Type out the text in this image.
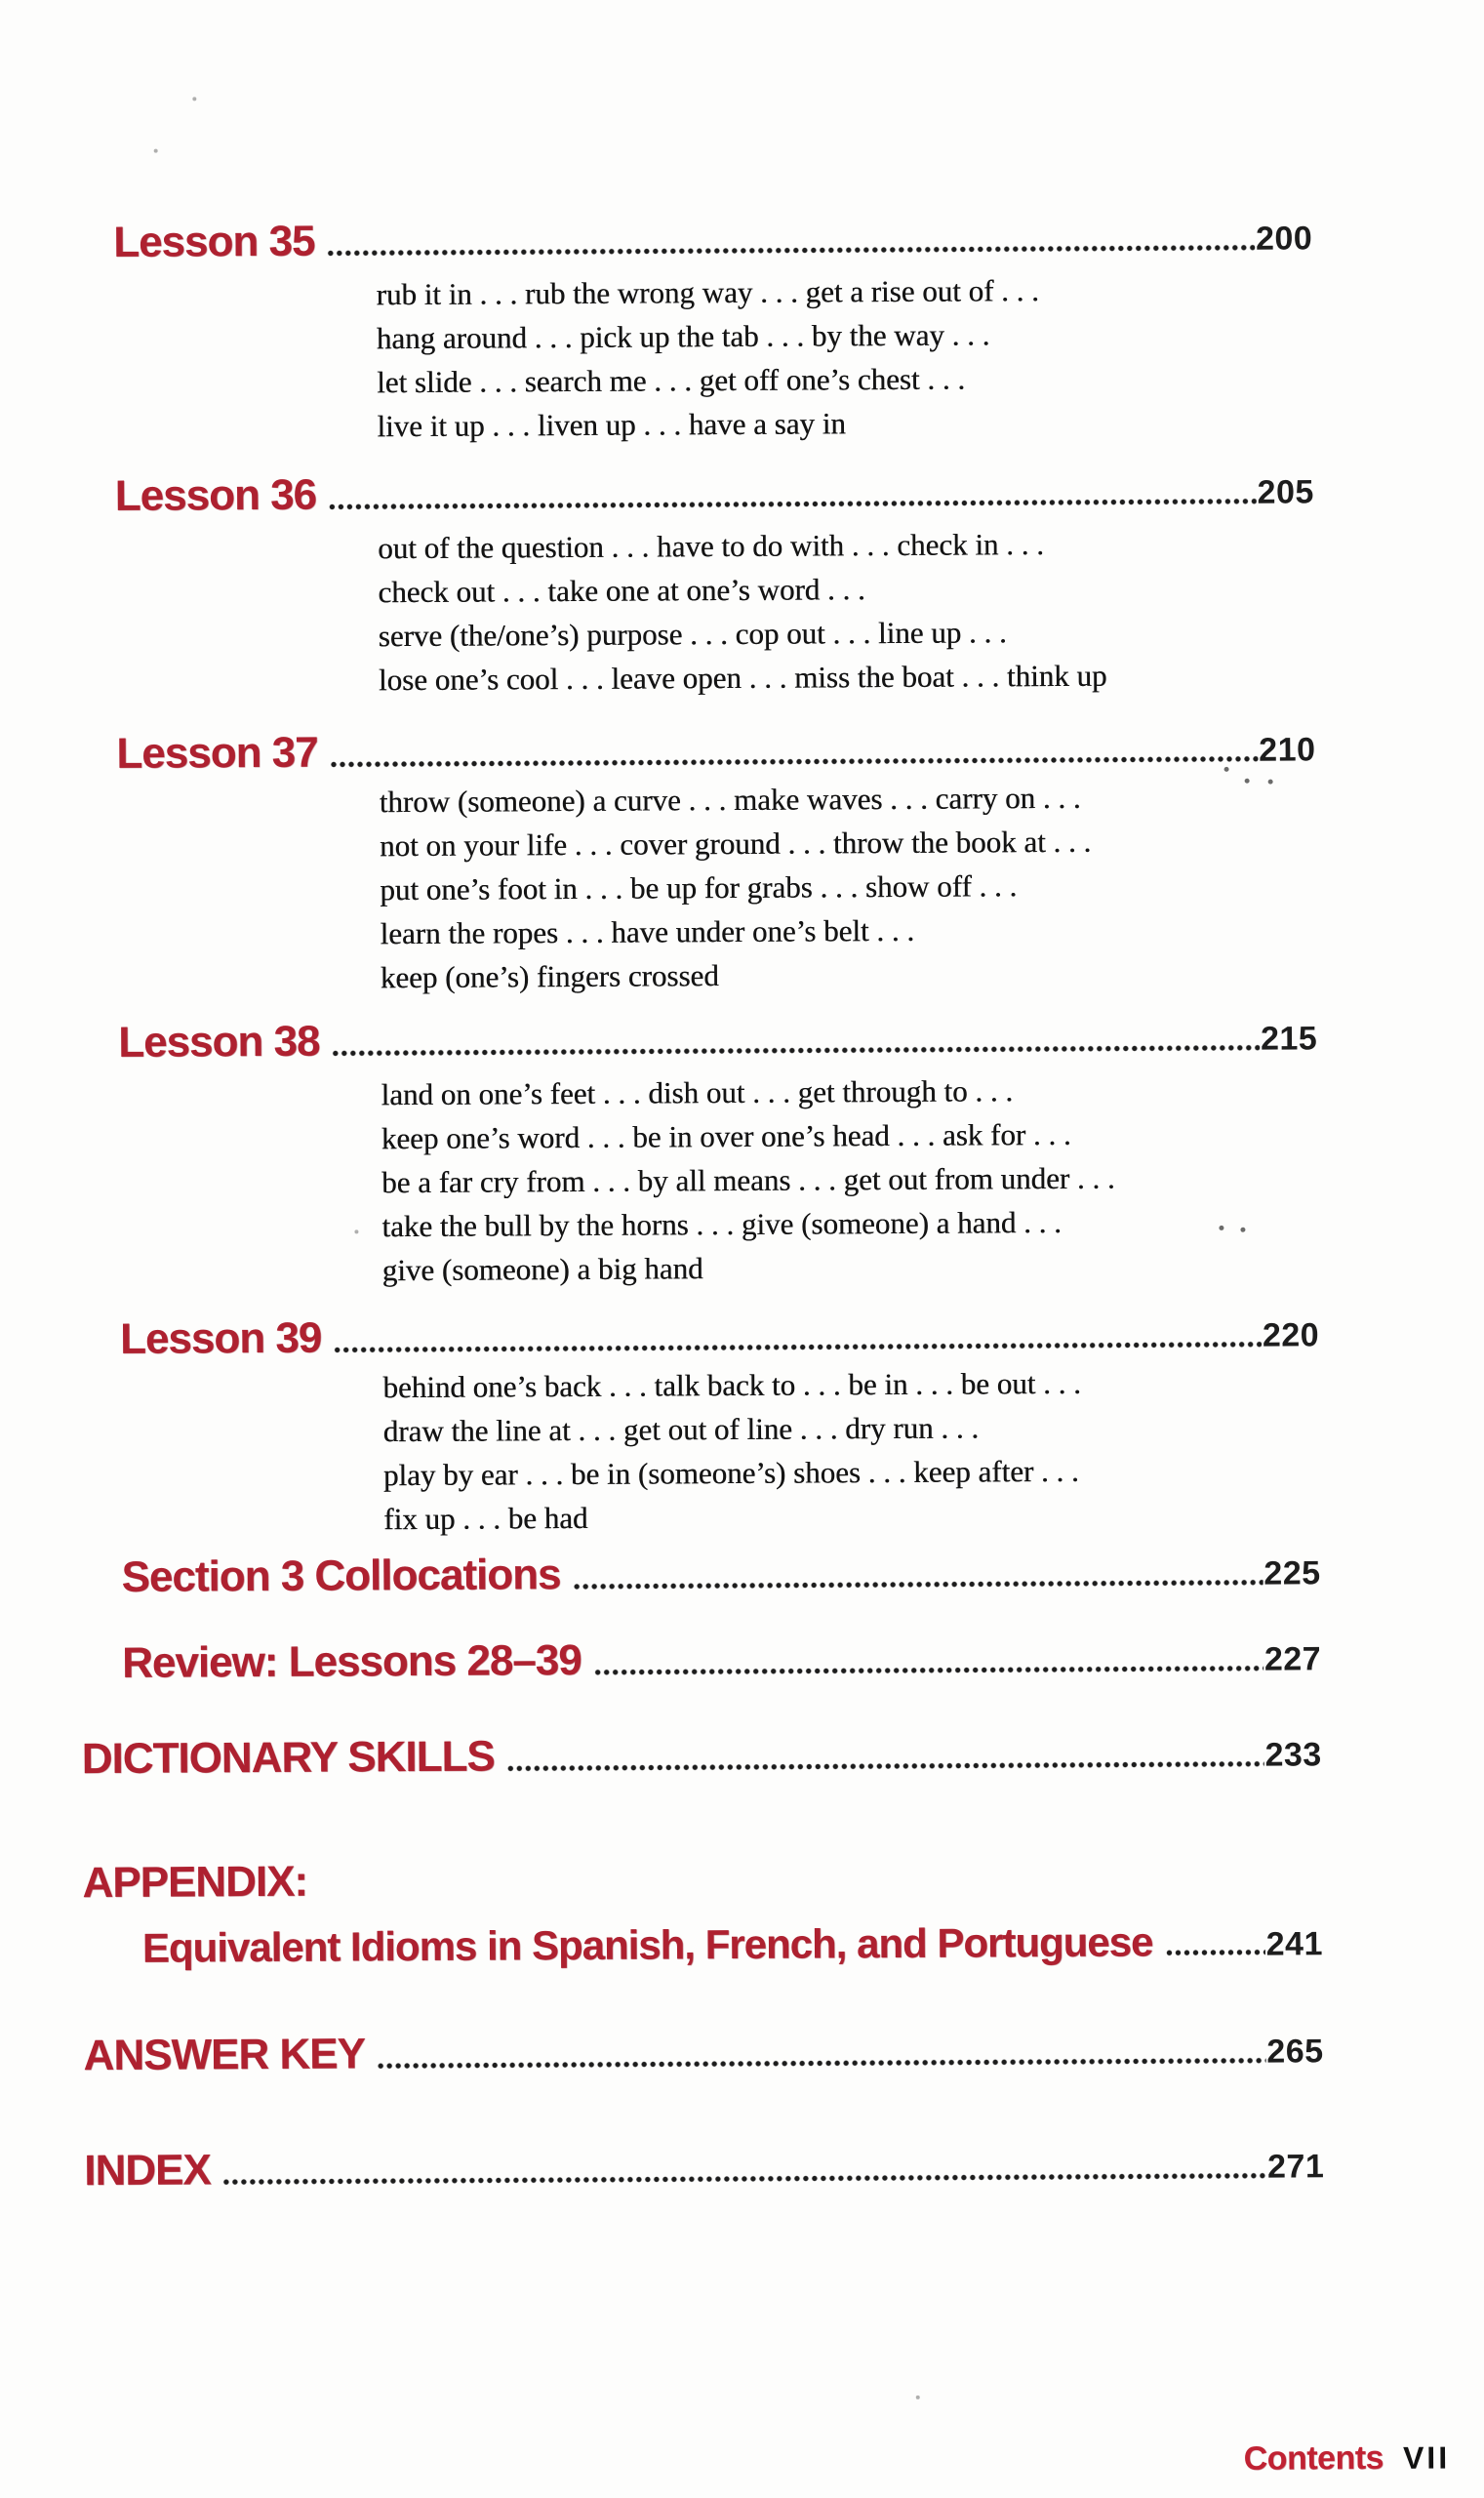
Lesson 35	200
rub it in . . . rub the wrong way . . . get a rise out of . . .
hang around . . . pick up the tab . . . by the way . . .
let slide . . . search me . . . get off one’s chest . . .
live it up . . . liven up . . . have a say in
Lesson 36	205
out of the question . . . have to do with . . . check in . . .
check out . . . take one at one’s word . . .
serve (the/one’s) purpose . . . cop out . . . line up . . .
lose one’s cool . . . leave open . . . miss the boat . . . think up
Lesson 37	210
throw (someone) a curve . . . make waves . . . carry on . . .
not on your life . . . cover ground . . . throw the book at . . .
put one’s foot in . . . be up for grabs . . . show off . . .
learn the ropes . . . have under one’s belt . . .
keep (one’s) fingers crossed
Lesson 38	215
land on one’s feet . . . dish out . . . get through to . . .
keep one’s word . . . be in over one’s head . . . ask for . . .
be a far cry from . . . by all means . . . get out from under . . .
take the bull by the horns . . . give (someone) a hand . . .
give (someone) a big hand
Lesson 39	220
behind one’s back . . . talk back to . . . be in . . . be out . . .
draw the line at . . . get out of line . . . dry run . . .
play by ear . . . be in (someone’s) shoes . . . keep after . . .
fix up . . . be had
Section 3 Collocations	225
Review: Lessons 28–39	227
DICTIONARY SKILLS	233
APPENDIX:
Equivalent Idioms in Spanish, French, and Portuguese	241
ANSWER KEY	265
INDEX	271
Contents VII
